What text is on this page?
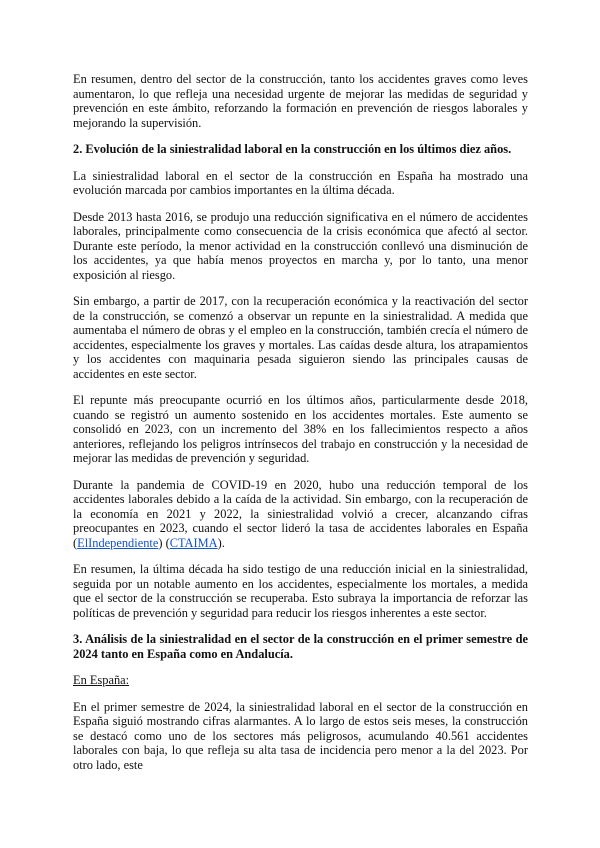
En resumen, dentro del sector de la construcción, tanto los accidentes graves como leves aumentaron, lo que refleja una necesidad urgente de mejorar las medidas de seguridad y prevención en este ámbito, reforzando la formación en prevención de riesgos laborales y mejorando la supervisión.

2. Evolución de la siniestralidad laboral en la construcción en los últimos diez años.

La siniestralidad laboral en el sector de la construcción en España ha mostrado una evolución marcada por cambios importantes en la última década.

Desde 2013 hasta 2016, se produjo una reducción significativa en el número de accidentes laborales, principalmente como consecuencia de la crisis económica que afectó al sector. Durante este período, la menor actividad en la construcción conllevó una disminución de los accidentes, ya que había menos proyectos en marcha y, por lo tanto, una menor exposición al riesgo.

Sin embargo, a partir de 2017, con la recuperación económica y la reactivación del sector de la construcción, se comenzó a observar un repunte en la siniestralidad. A medida que aumentaba el número de obras y el empleo en la construcción, también crecía el número de accidentes, especialmente los graves y mortales. Las caídas desde altura, los atrapamientos y los accidentes con maquinaria pesada siguieron siendo las principales causas de accidentes en este sector.

El repunte más preocupante ocurrió en los últimos años, particularmente desde 2018, cuando se registró un aumento sostenido en los accidentes mortales. Este aumento se consolidó en 2023, con un incremento del 38% en los fallecimientos respecto a años anteriores, reflejando los peligros intrínsecos del trabajo en construcción y la necesidad de mejorar las medidas de prevención y seguridad.

Durante la pandemia de COVID-19 en 2020, hubo una reducción temporal de los accidentes laborales debido a la caída de la actividad. Sin embargo, con la recuperación de la economía en 2021 y 2022, la siniestralidad volvió a crecer, alcanzando cifras preocupantes en 2023, cuando el sector lideró la tasa de accidentes laborales en España (ElIndependiente) (CTAIMA).

En resumen, la última década ha sido testigo de una reducción inicial en la siniestralidad, seguida por un notable aumento en los accidentes, especialmente los mortales, a medida que el sector de la construcción se recuperaba. Esto subraya la importancia de reforzar las políticas de prevención y seguridad para reducir los riesgos inherentes a este sector.

3. Análisis de la siniestralidad en el sector de la construcción en el primer semestre de 2024 tanto en España como en Andalucía.

En España:

En el primer semestre de 2024, la siniestralidad laboral en el sector de la construcción en España siguió mostrando cifras alarmantes. A lo largo de estos seis meses, la construcción se destacó como uno de los sectores más peligrosos, acumulando 40.561 accidentes laborales con baja, lo que refleja su alta tasa de incidencia pero menor a la del 2023. Por otro lado, este
